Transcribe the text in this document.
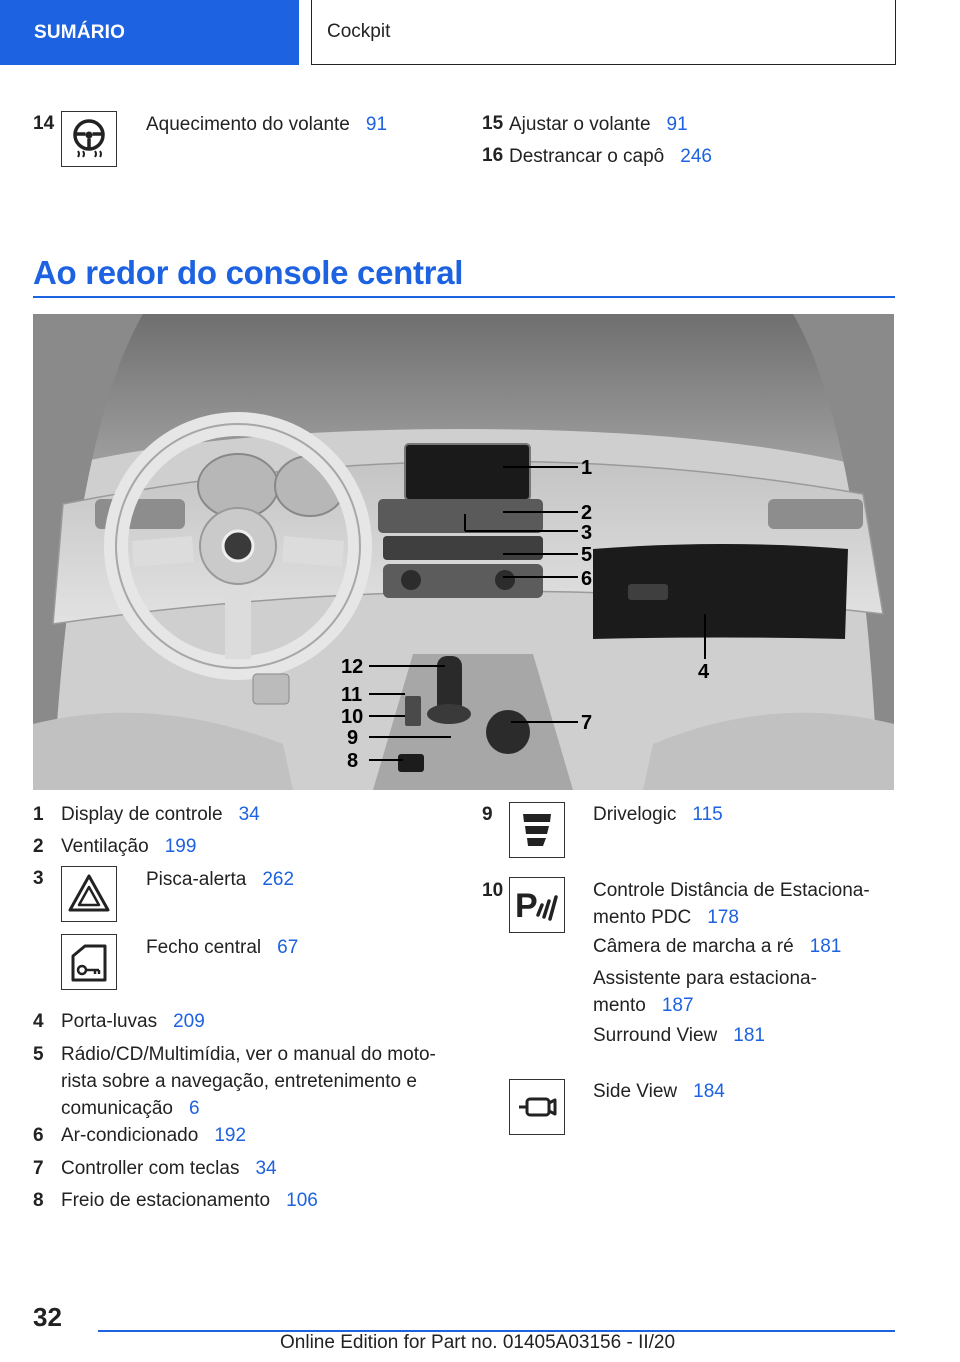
SUMÁRIO	Cockpit
14	Aquecimento do volante 91	15 Ajustar o volante 91
16 Destrancar o capô 246
Ao redor do console central
1
2
3
5
6
4
12
11
10
9
8
7
1 Display de controle 34
2 Ventilação 199
3	Pisca-alerta 262
Fecho central 67
4 Porta-luvas 209
5 Rádio/CD/Multimídia, ver o manual do moto-
rista sobre a navegação, entretenimento e
comunicação 6
6 Ar-condicionado 192
7 Controller com teclas 34
8 Freio de estacionamento 106
9	Drivelogic 115
10 P	Controle Distância de Estaciona-
mento PDC 178
Câmera de marcha a ré 181
Assistente para estaciona-
mento 187
Surround View 181
Side View 184
32
Online Edition for Part no. 01405A03156 - II/20
